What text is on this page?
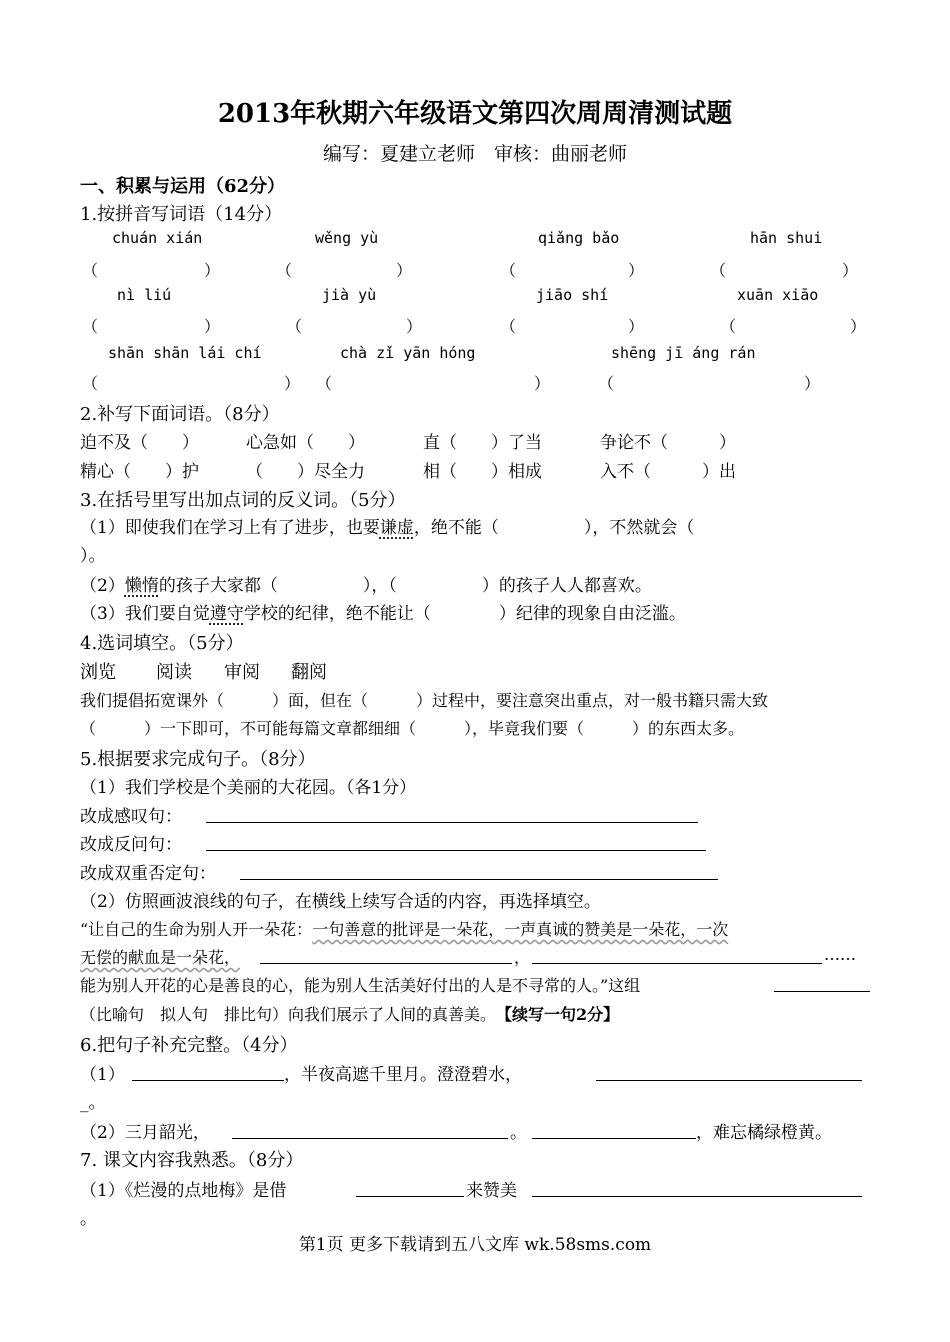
2013年秋期六年级语文第四次周周清测试题
编写：夏建立老师　审核：曲丽老师
一、积累与运用（62分）
1.按拼音写词语（14分）
chuán xián	wěng yù	qiǎng bǎo	hān shui
（	）	（	）	（	）	（	）
nì liú	jià yù	jiāo shí	xuān xiāo
（	）	（	）	（	）	（	）
shān shān lái chí	chà zǐ yān hóng	shēng jī áng rán
（	） （	）	（	）
2.补写下面词语。（8分）
迫不及（　　）	心急如（　　）	直（　　）了当	争论不（　　　）
精心（　　）护	（　　）尽全力	相（　　）相成	入不（　　　）出
3.在括号里写出加点词的反义词。（5分）
（1）即使我们在学习上有了进步，也要谦虚，绝不能（　　　　　），不然就会（
）。
（2）懒惰的孩子大家都（　　　　　），（　　　　　）的孩子人人都喜欢。
（3）我们要自觉遵守学校的纪律，绝不能让（　　　　）纪律的现象自由泛滥。
4.选词填空。（5分）
浏览 阅读 审阅 翻阅
我们提倡拓宽课外（　　　）面，但在（　　　）过程中，要注意突出重点，对一般书籍只需大致
（　　　）一下即可，不可能每篇文章都细细（　　　），毕竟我们要（　　　）的东西太多。
5.根据要求完成句子。（8分）
（1）我们学校是个美丽的大花园。（各1分）
改成感叹句：
改成反问句：
改成双重否定句：
（2）仿照画波浪线的句子，在横线上续写合适的内容，再选择填空。
“让自己的生命为别人开一朵花：一句善意的批评是一朵花，一声真诚的赞美是一朵花，一次
无偿的献血是一朵花，	，	……
能为别人开花的心是善良的心，能为别人生活美好付出的人是不寻常的人。”这组
（比喻句　拟人句　排比句）向我们展示了人间的真善美。 【续写一句2分】
6.把句子补充完整。（4分）
（1）	，半夜高遮千里月。澄澄碧水，
_。
（2）三月韶光，	。	，难忘橘绿橙黄。
7. 课文内容我熟悉。（8分）
（1）《烂漫的点地梅》是借	来赞美
。
第1页 更多下载请到五八文库 wk.58sms.com
